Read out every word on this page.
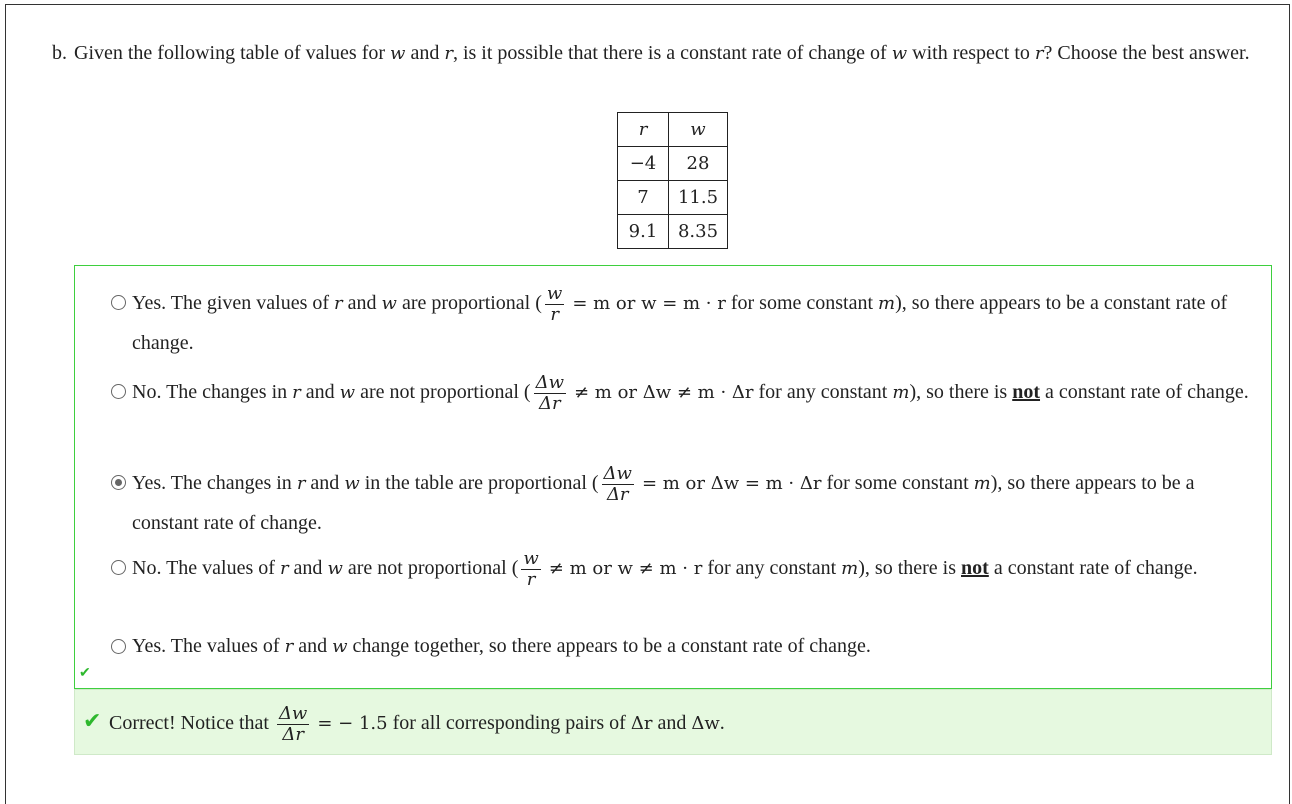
b. Given the following table of values for w and r, is it possible that there is a constant rate of change of w with respect to r? Choose the best answer.
r	w
−4	28
7	11.5
9.1	8.35
Yes. The given values of r and w are proportional ( $\frac{w}{r} = m$ or w = m · r for some constant m), so there appears to be a constant rate of change.
No. The changes in r and w are not proportional ( $\frac{\Delta w}{\Delta r} \ne m$ or Δw ≠ m · Δr for any constant m), so there is not a constant rate of change.
Yes. The changes in r and w in the table are proportional ( $\frac{\Delta w}{\Delta r} = m$ or Δw = m · Δr for some constant m), so there appears to be a constant rate of change.
No. The values of r and w are not proportional ( $\frac{w}{r} \ne m$ or w ≠ m · r for any constant m), so there is not a constant rate of change.
Yes. The values of r and w change together, so there appears to be a constant rate of change.
✔
✔ Correct! Notice that $\frac{\Delta w}{\Delta r}$ = − 1.5 for all corresponding pairs of Δr and Δw.
